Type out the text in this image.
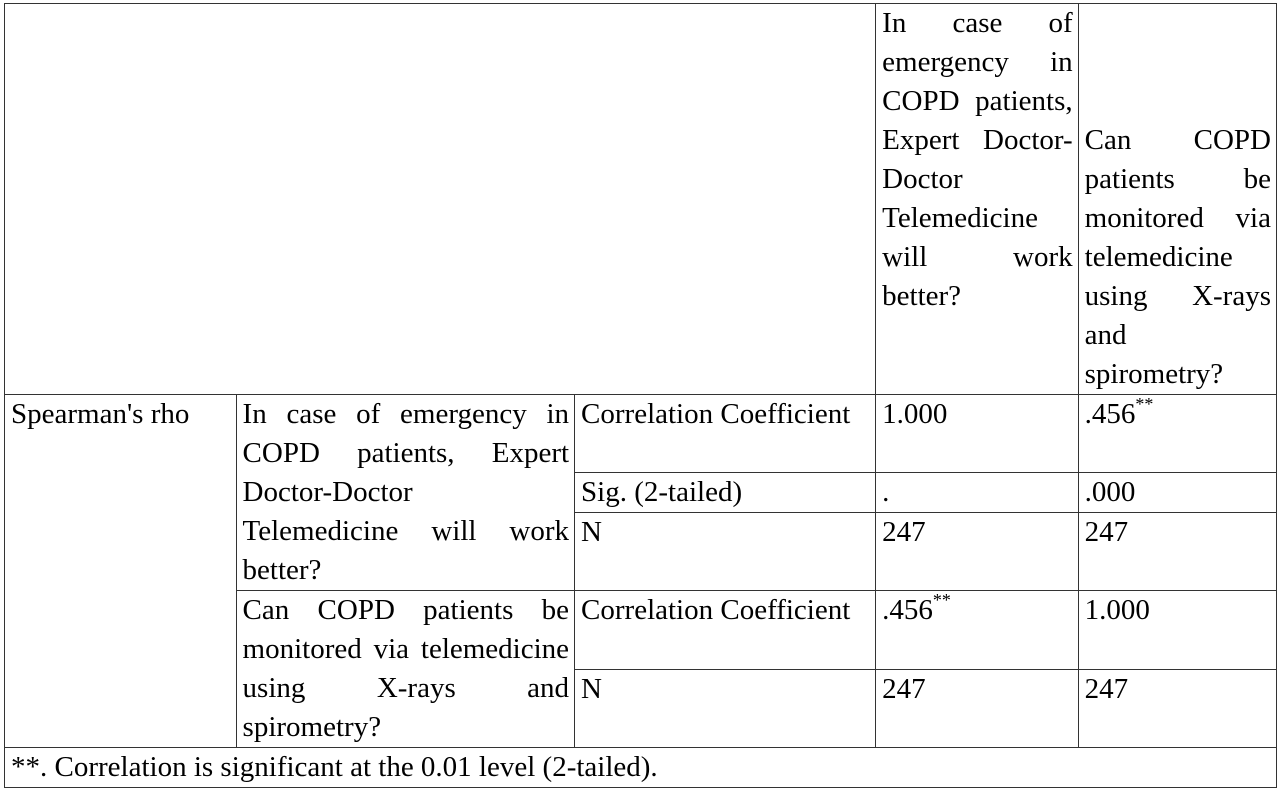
			In case of emergency in COPD patients, Expert Doctor-Doctor Telemedicine will work better?	Can COPD patients be monitored via telemedicine using X-rays and spirometry?
Spearman's rho	In case of emergency in COPD patients, Expert Doctor-Doctor Telemedicine will work better?	Correlation Coefficient	1.000	.456**
		Sig. (2-tailed)	.	.000
		N	247	247
	Can COPD patients be monitored via telemedicine using X-rays and spirometry?	Correlation Coefficient	.456**	1.000
		N	247	247
**. Correlation is significant at the 0.01 level (2-tailed).				
